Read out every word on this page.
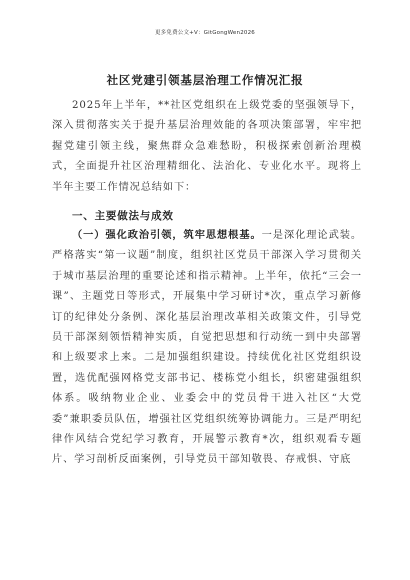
更多免费公文+V：GitGongWen2026
社区党建引领基层治理工作情况汇报
2025年上半年，**社区党组织在上级党委的坚强领导下，深入贯彻落实关于提升基层治理效能的各项决策部署，牢牢把握党建引领主线，聚焦群众急难愁盼，积极探索创新治理模式，全面提升社区治理精细化、法治化、专业化水平。现将上半年主要工作情况总结如下：
一、主要做法与成效
（一）强化政治引领，筑牢思想根基。一是深化理论武装。严格落实“第一议题”制度，组织社区党员干部深入学习贯彻关于城市基层治理的重要论述和指示精神。上半年，依托“三会一课”、主题党日等形式，开展集中学习研讨*次，重点学习新修订的纪律处分条例、深化基层治理改革相关政策文件，引导党员干部深刻领悟精神实质，自觉把思想和行动统一到中央部署和上级要求上来。二是加强组织建设。持续优化社区党组织设置，选优配强网格党支部书记、楼栋党小组长，织密建强组织体系。吸纳物业企业、业委会中的党员骨干进入社区“大党委”兼职委员队伍，增强社区党组织统筹协调能力。三是严明纪律作风结合党纪学习教育，开展警示教育*次，组织观看专题片、学习剖析反面案例，引导党员干部知敬畏、存戒惧、守底
